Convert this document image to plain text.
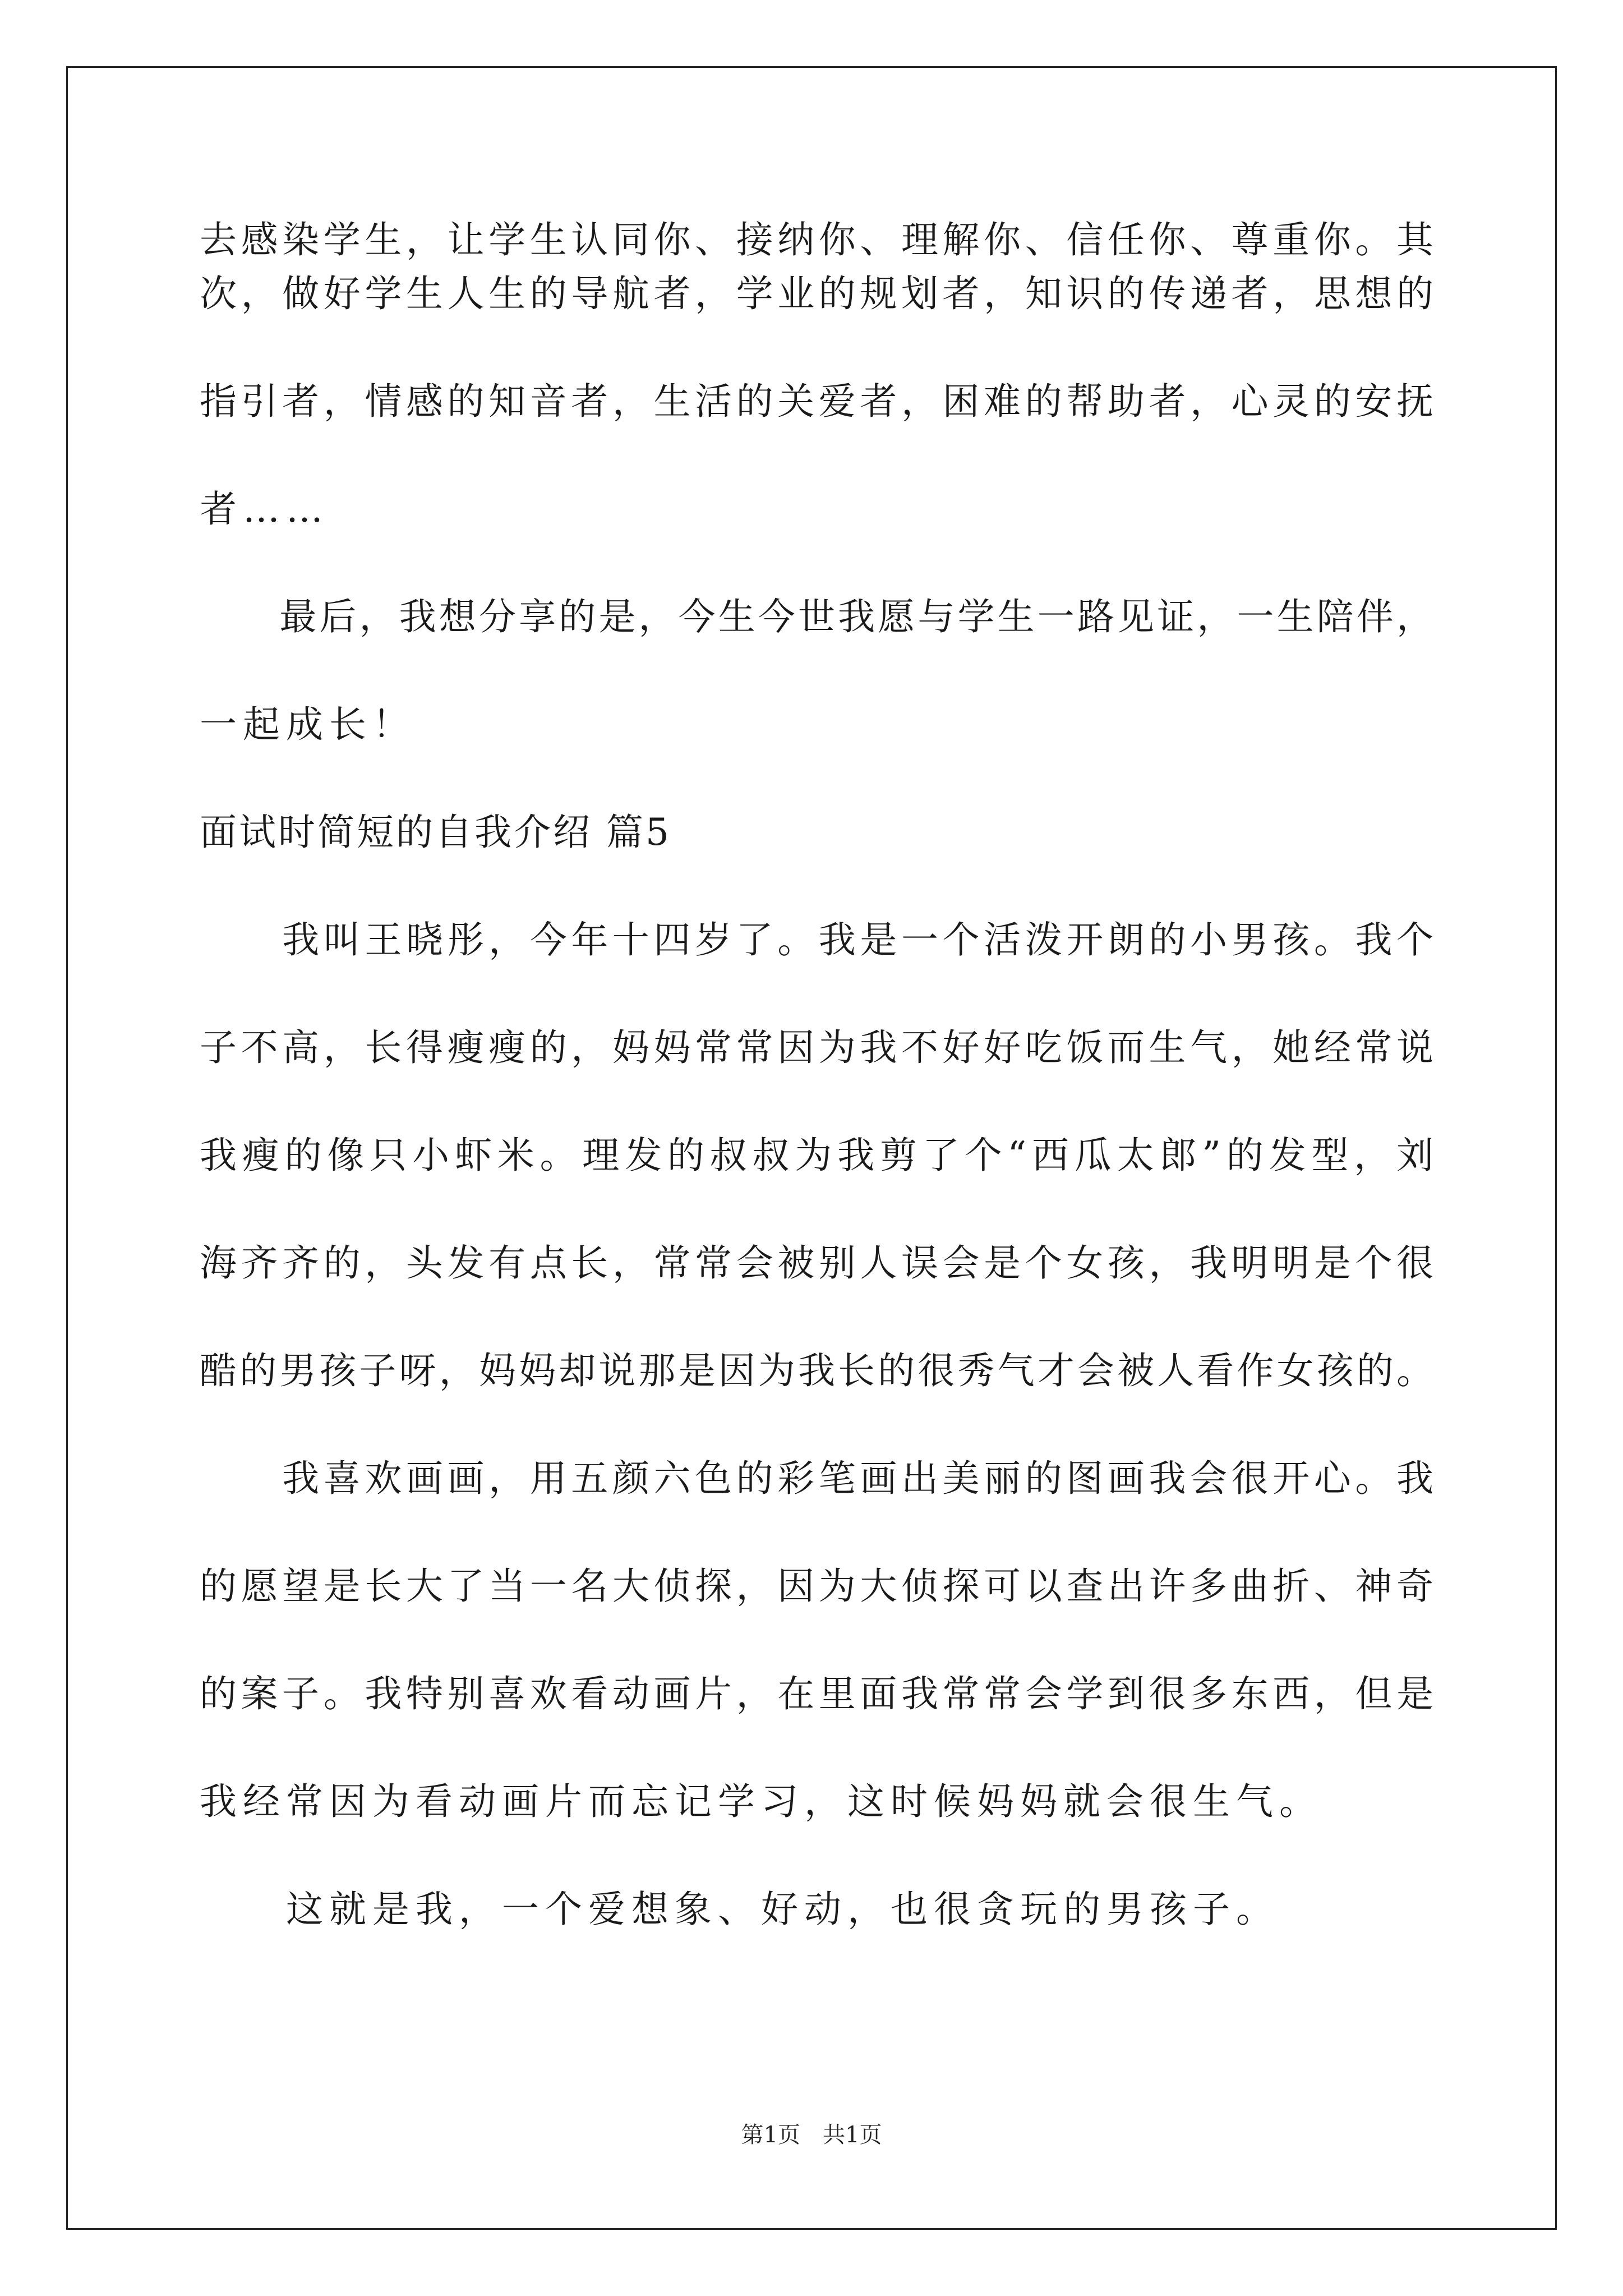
去感染学生，让学生认同你、接纳你、理解你、信任你、尊重你。其
次，做好学生人生的导航者，学业的规划者，知识的传递者，思想的
指引者，情感的知音者，生活的关爱者，困难的帮助者，心灵的安抚
者……
　　最后，我想分享的是，今生今世我愿与学生一路见证，一生陪伴，
一起成长！
面试时简短的自我介绍 篇5
　　我叫王晓彤，今年十四岁了。我是一个活泼开朗的小男孩。我个
子不高，长得瘦瘦的，妈妈常常因为我不好好吃饭而生气，她经常说
我瘦的像只小虾米。理发的叔叔为我剪了个“西瓜太郎”的发型，刘
海齐齐的，头发有点长，常常会被别人误会是个女孩，我明明是个很
酷的男孩子呀，妈妈却说那是因为我长的很秀气才会被人看作女孩的。
　　我喜欢画画，用五颜六色的彩笔画出美丽的图画我会很开心。我
的愿望是长大了当一名大侦探，因为大侦探可以查出许多曲折、神奇
的案子。我特别喜欢看动画片，在里面我常常会学到很多东西，但是
我经常因为看动画片而忘记学习，这时候妈妈就会很生气。
　　这就是我，一个爱想象、好动，也很贪玩的男孩子。
第1页　共1页
